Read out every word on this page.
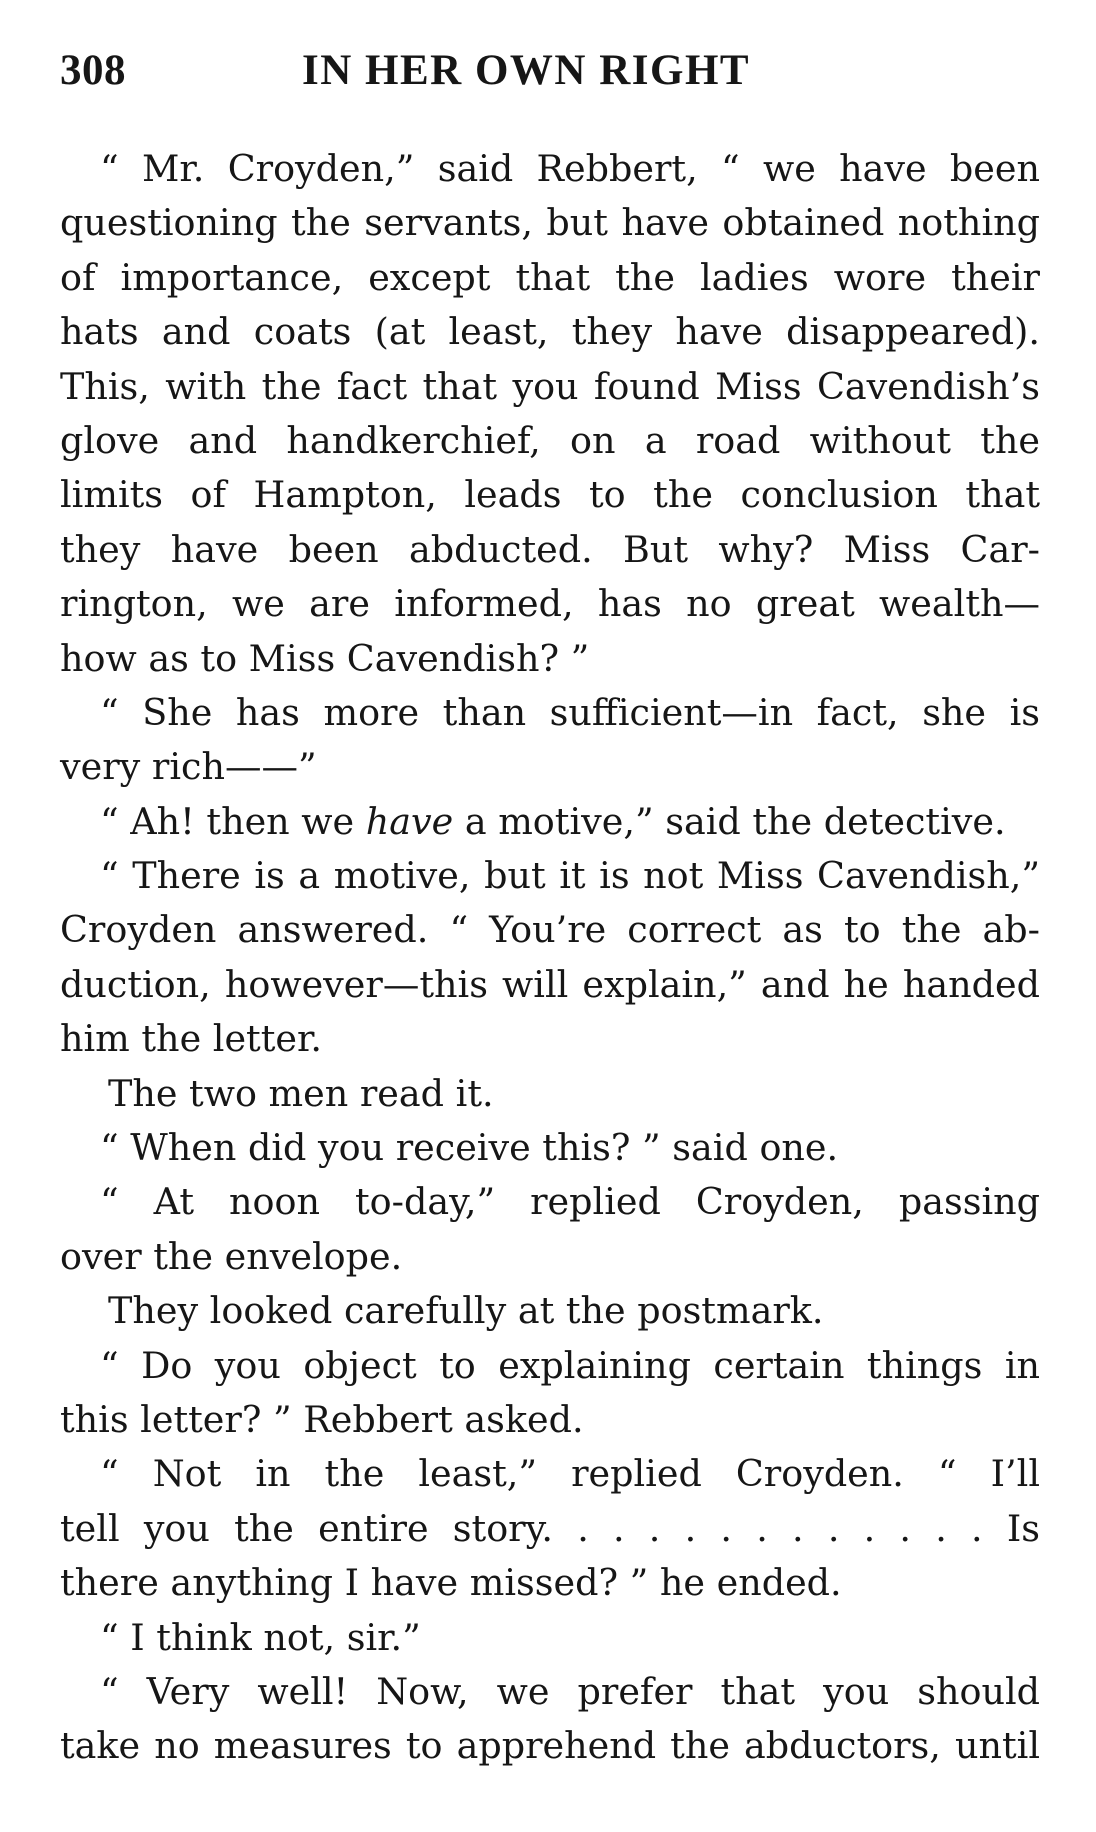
308	IN HER OWN RIGHT
“ Mr. Croyden,” said Rebbert, “ we have been
questioning the servants, but have obtained nothing
of importance, except that the ladies wore their
hats and coats (at least, they have disappeared).
This, with the fact that you found Miss Cavendish’s
glove and handkerchief, on a road without the
limits of Hampton, leads to the conclusion that
they have been abducted. But why? Miss Car-
rington, we are informed, has no great wealth—
how as to Miss Cavendish? ”
“ She has more than sufficient—in fact, she is
very rich——”
“ Ah! then we have a motive,” said the detective.
“ There is a motive, but it is not Miss Cavendish,”
Croyden answered. “ You’re correct as to the ab-
duction, however—this will explain,” and he handed
him the letter.
The two men read it.
“ When did you receive this? ” said one.
“ At noon to-day,” replied Croyden, passing
over the envelope.
They looked carefully at the postmark.
“ Do you object to explaining certain things in
this letter? ” Rebbert asked.
“ Not in the least,” replied Croyden. “ I’ll
tell you the entire story. . . . . . . . . . . . . Is
there anything I have missed? ” he ended.
“ I think not, sir.”
“ Very well! Now, we prefer that you should
take no measures to apprehend the abductors, until
